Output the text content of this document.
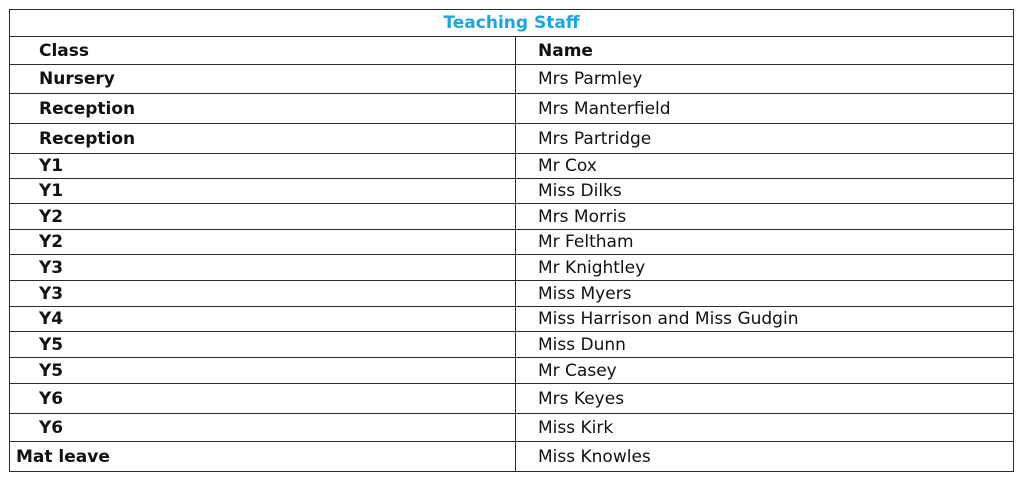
Teaching Staff	
Class	Name
Nursery	Mrs Parmley
Reception	Mrs Manterfield
Reception	Mrs Partridge
Y1	Mr Cox
Y1	Miss Dilks
Y2	Mrs Morris
Y2	Mr Feltham
Y3	Mr Knightley
Y3	Miss Myers
Y4	Miss Harrison and Miss Gudgin
Y5	Miss Dunn
Y5	Mr Casey
Y6	Mrs Keyes
Y6	Miss Kirk
Mat leave	Miss Knowles
